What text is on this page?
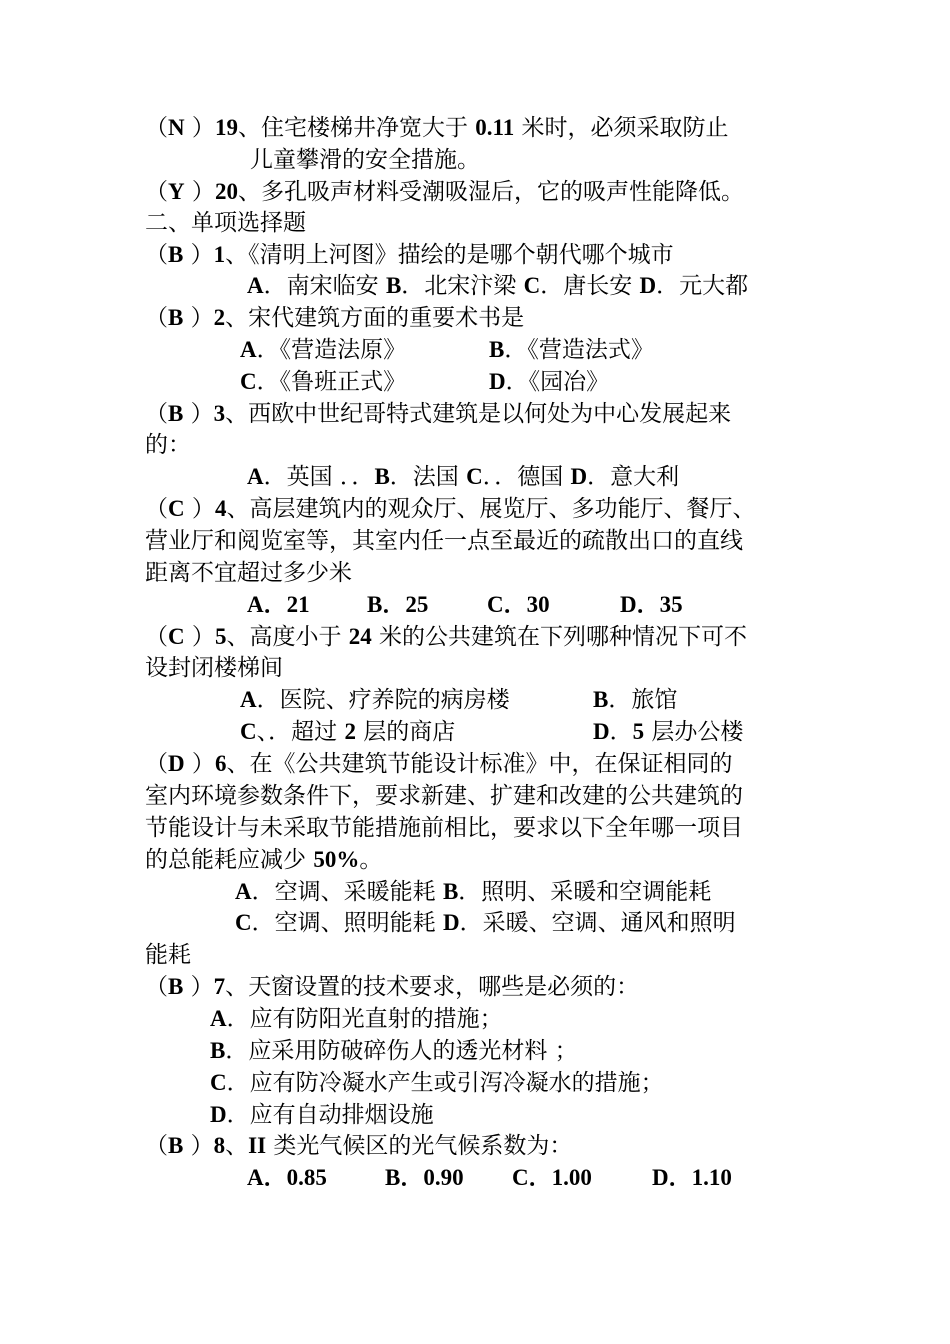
（N ）19、住宅楼梯井净宽大于 0.11 米时，必须采取防止
儿童攀滑的安全措施。
（Y ）20、多孔吸声材料受潮吸湿后，它的吸声性能降低。
二、单项选择题
（B ）1、《清明上河图》描绘的是哪个朝代哪个城市
A．南宋临安 B．北宋汴梁 C．唐长安 D．元大都
（B ）2、宋代建筑方面的重要术书是
A．《营造法原》	B．《营造法式》
C．《鲁班正式》	D．《园冶》
（B ）3、西欧中世纪哥特式建筑是以何处为中心发展起来
的：
A．英国 ．．B．法国 C．．德国 D．意大利
（C ）4、高层建筑内的观众厅、展览厅、多功能厅、餐厅、
营业厅和阅览室等，其室内任一点至最近的疏散出口的直线
距离不宜超过多少米
A．21 B．25	C．30	D．35
（C ）5、高度小于 24 米的公共建筑在下列哪种情况下可不
设封闭楼梯间
A．医院、疗养院的病房楼	B．旅馆
C、．超过 2 层的商店	D．5 层办公楼
（D ）6、在《公共建筑节能设计标准》中，在保证相同的
室内环境参数条件下，要求新建、扩建和改建的公共建筑的
节能设计与未采取节能措施前相比，要求以下全年哪一项目
的总能耗应减少 50%。
A．空调、采暖能耗 B．照明、采暖和空调能耗
C．空调、照明能耗 D．采暖、空调、通风和照明
能耗
（B ）7、天窗设置的技术要求，哪些是必须的：
A．应有防阳光直射的措施；
B．应采用防破碎伤人的透光材料 ；
C．应有防冷凝水产生或引泻冷凝水的措施；
D．应有自动排烟设施
（B ）8、II 类光气候区的光气候系数为：
A．0.85	B．0.90 C．1.00	D．1.10
